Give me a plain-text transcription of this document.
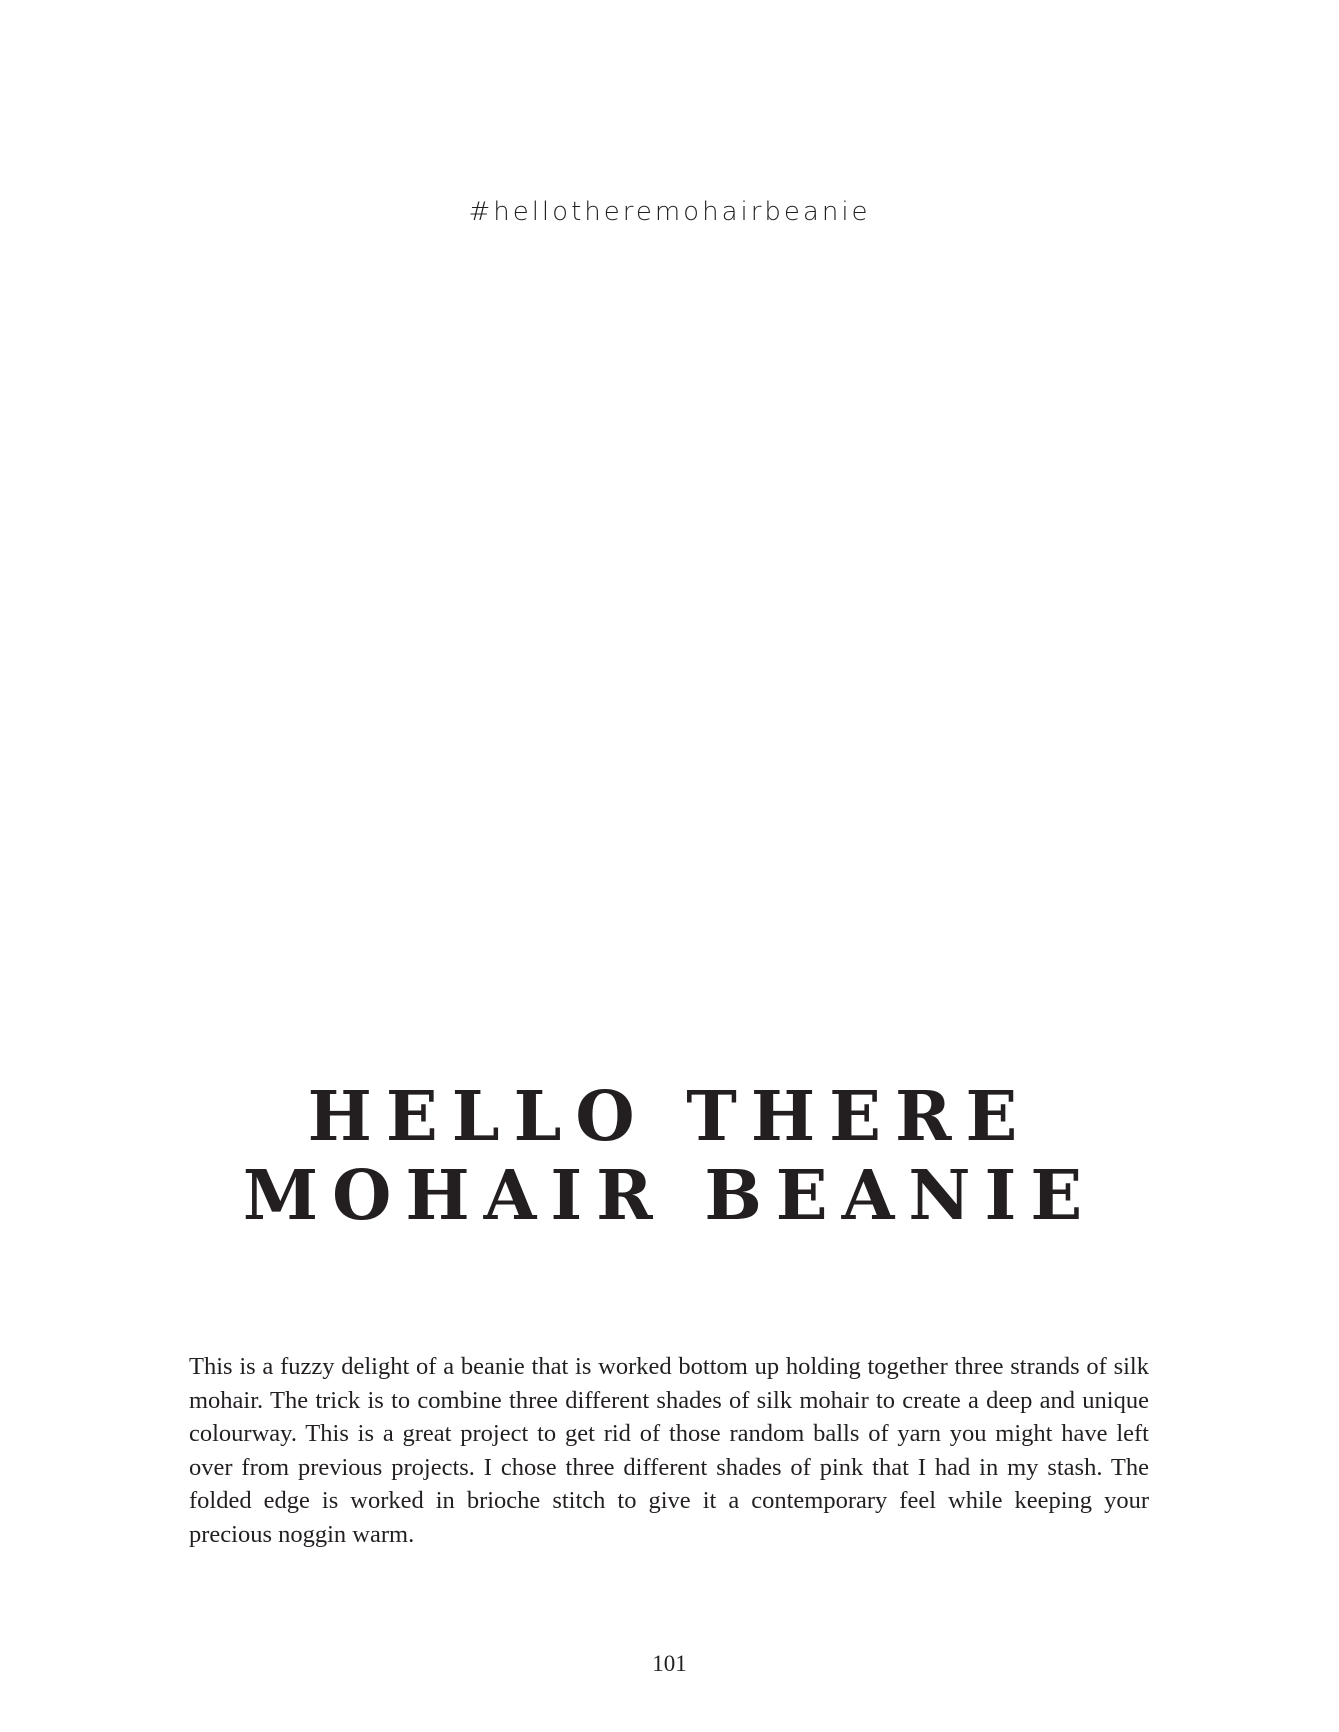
#hellotheremohairbeanie
HELLO THERE
MOHAIR BEANIE

This is a fuzzy delight of a beanie that is worked bottom up holding together three strands of silk mohair. The trick is to combine three different shades of silk mohair to create a deep and unique colourway. This is a great project to get rid of those random balls of yarn you might have left over from previous projects. I chose three different shades of pink that I had in my stash. The folded edge is worked in brioche stitch to give it a contemporary feel while keeping your precious noggin warm.

101
